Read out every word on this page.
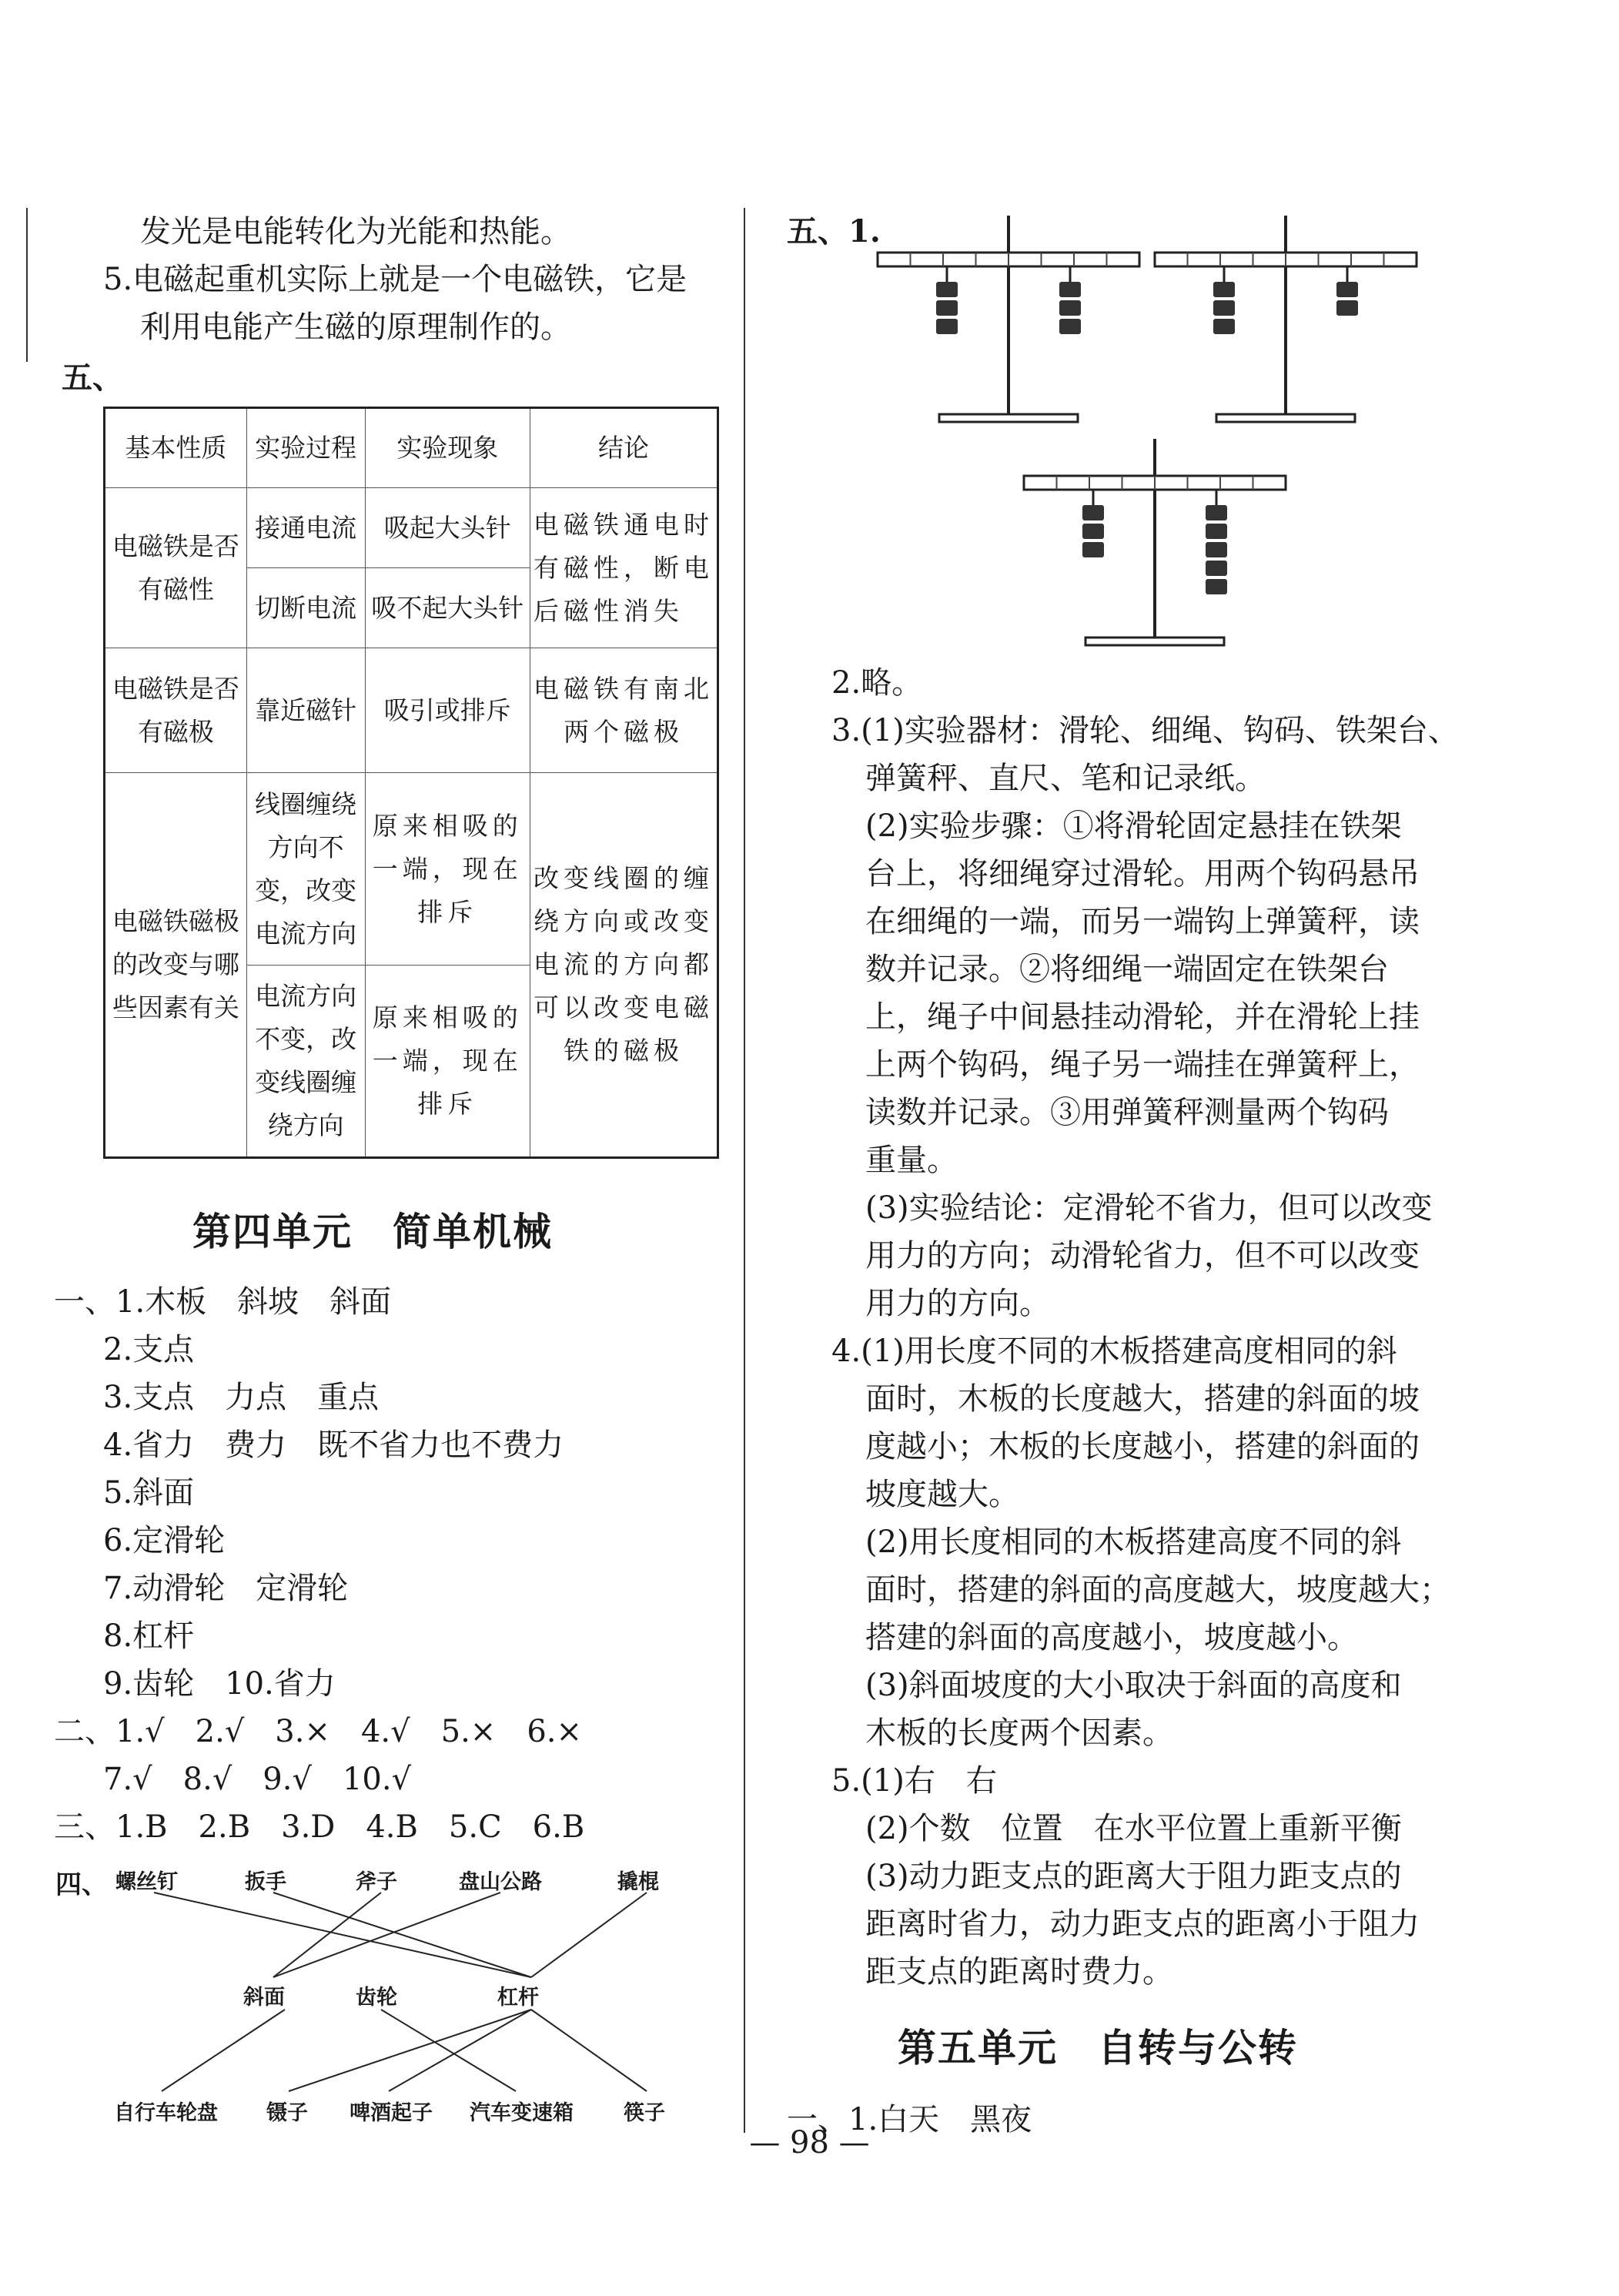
发光是电能转化为光能和热能。
5.电磁起重机实际上就是一个电磁铁，它是
利用电能产生磁的原理制作的。
五、
基本性质	实验过程	实验现象	结论
电磁铁是否有磁性	接通电流	吸起大头针	电磁铁通电时有磁性，断电后磁性消失
	切断电流	吸不起大头针	
电磁铁是否有磁极	靠近磁针	吸引或排斥	电磁铁有南北两个磁极
电磁铁磁极的改变与哪些因素有关	线圈缠绕方向不变，改变电流方向	原来相吸的一端，现在排斥	改变线圈的缠绕方向或改变电流的方向都可以改变电磁铁的磁极
	电流方向不变，改变线圈缠绕方向	原来相吸的一端，现在排斥	
第四单元　简单机械
一、1.木板　斜坡　斜面
2.支点
3.支点　力点　重点
4.省力　费力　既不省力也不费力
5.斜面
6.定滑轮
7.动滑轮　定滑轮
8.杠杆
9.齿轮　10.省力
二、1.√　2.√　3.×　4.√　5.×　6.×
7.√　8.√　9.√　10.√
三、1.B　2.B　3.D　4.B　5.C　6.B
四、 螺丝钉	扳手	斧子	盘山公路	撬棍
斜面	齿轮	杠杆
自行车轮盘 镊子 啤酒起子 汽车变速箱 筷子
五、1.
2.略。
3.(1)实验器材：滑轮、细绳、钩码、铁架台、
弹簧秤、直尺、笔和记录纸。
(2)实验步骤：①将滑轮固定悬挂在铁架
台上，将细绳穿过滑轮。用两个钩码悬吊
在细绳的一端，而另一端钩上弹簧秤，读
数并记录。②将细绳一端固定在铁架台
上，绳子中间悬挂动滑轮，并在滑轮上挂
上两个钩码，绳子另一端挂在弹簧秤上，
读数并记录。③用弹簧秤测量两个钩码
重量。
(3)实验结论：定滑轮不省力，但可以改变
用力的方向；动滑轮省力，但不可以改变
用力的方向。
4.(1)用长度不同的木板搭建高度相同的斜
面时，木板的长度越大，搭建的斜面的坡
度越小；木板的长度越小，搭建的斜面的
坡度越大。
(2)用长度相同的木板搭建高度不同的斜
面时，搭建的斜面的高度越大，坡度越大；
搭建的斜面的高度越小，坡度越小。
(3)斜面坡度的大小取决于斜面的高度和
木板的长度两个因素。
5.(1)右　右
(2)个数　位置　在水平位置上重新平衡
(3)动力距支点的距离大于阻力距支点的
距离时省力，动力距支点的距离小于阻力
距支点的距离时费力。
第五单元　自转与公转
一、1.白天　黑夜
— 98 —
